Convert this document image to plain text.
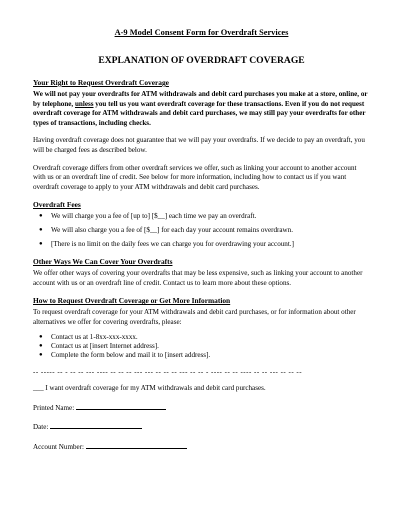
A-9 Model Consent Form for Overdraft Services
EXPLANATION OF OVERDRAFT COVERAGE
Your Right to Request Overdraft Coverage

We will not pay your overdrafts for ATM withdrawals and debit card purchases you make at a store, online, or by telephone, unless you tell us you want overdraft coverage for these transactions. Even if you do not request overdraft coverage for ATM withdrawals and debit card purchases, we may still pay your overdrafts for other types of transactions, including checks.

Having overdraft coverage does not guarantee that we will pay your overdrafts. If we decide to pay an overdraft, you will be charged fees as described below.

Overdraft coverage differs from other overdraft services we offer, such as linking your account to another account with us or an overdraft line of credit. See below for more information, including how to contact us if you want overdraft coverage to apply to your ATM withdrawals and debit card purchases.

Overdraft Fees
● We will charge you a fee of [up to] [$__] each time we pay an overdraft.
● We will also charge you a fee of [$__] for each day your account remains overdrawn.
● [There is no limit on the daily fees we can charge you for overdrawing your account.]
Other Ways We Can Cover Your Overdrafts

We offer other ways of covering your overdrafts that may be less expensive, such as linking your account to another account with us or an overdraft line of credit. Contact us to learn more about these options.

How to Request Overdraft Coverage or Get More Information

To request overdraft coverage for your ATM withdrawals and debit card purchases, or for information about other alternatives we offer for covering overdrafts, please:

● Contact us at 1-8xx-xxx-xxxx.
● Contact us at [insert Internet address].
● Complete the form below and mail it to [insert address].
-- ----- -- - -- -- --- ---- -- -- -- --- --- -- -- -- --- -- -- - ---- -- -- ---- -- -- --- -- -- --
___ I want overdraft coverage for my ATM withdrawals and debit card purchases.
Printed Name:
Date:
Account Number:
